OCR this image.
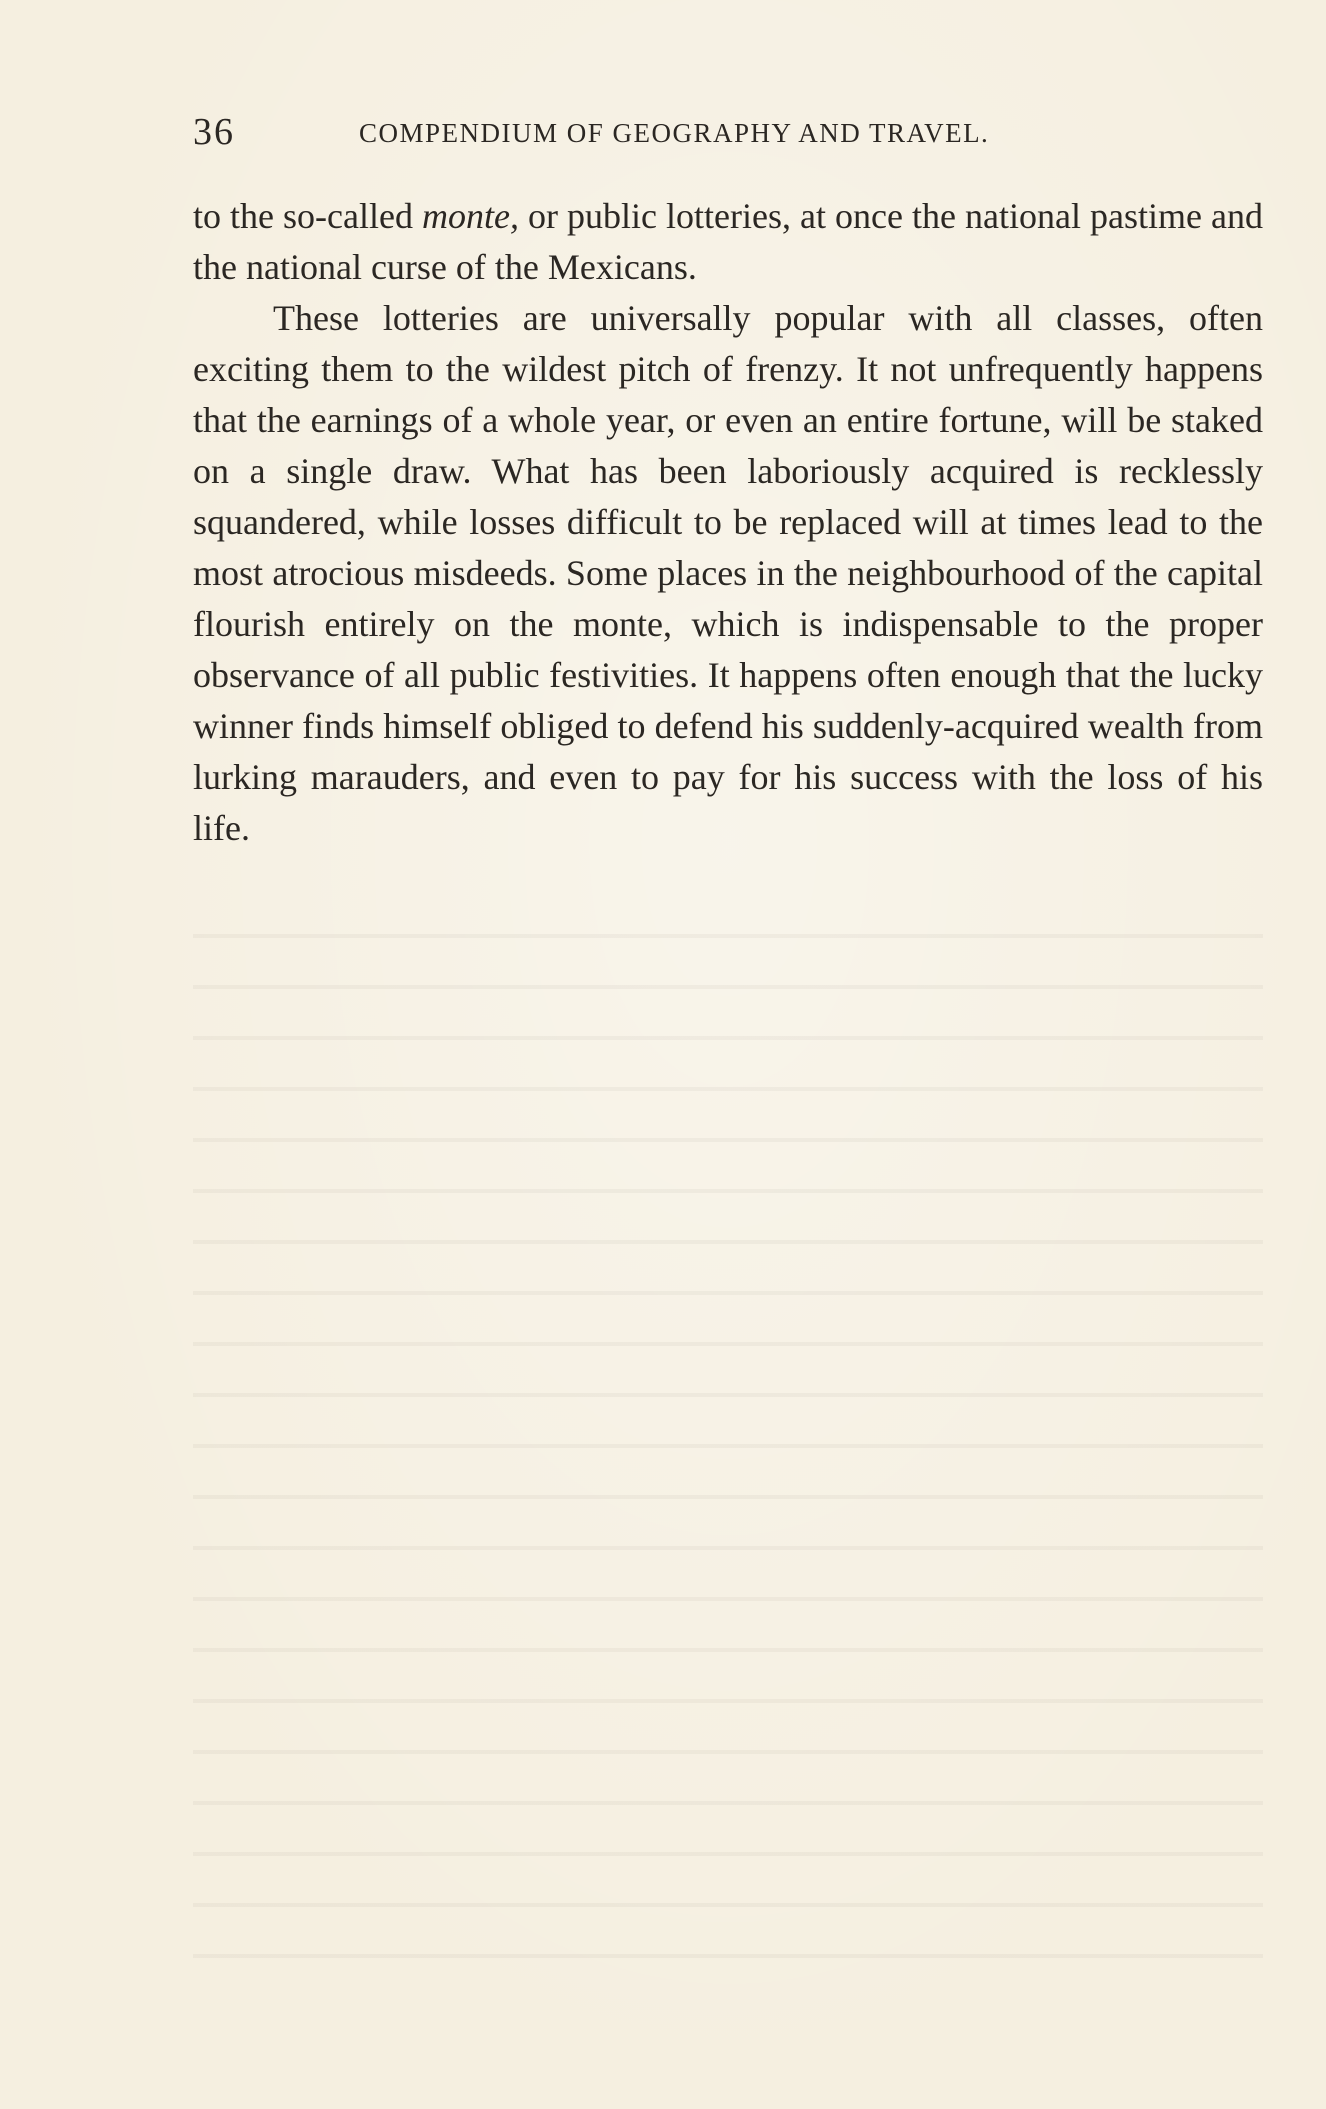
36	COMPENDIUM OF GEOGRAPHY AND TRAVEL.

to the so-called monte, or public lotteries, at once the national pastime and the national curse of the Mexicans.

These lotteries are universally popular with all classes, often exciting them to the wildest pitch of frenzy. It not unfrequently happens that the earnings of a whole year, or even an entire fortune, will be staked on a single draw. What has been laboriously acquired is recklessly squandered, while losses difficult to be replaced will at times lead to the most atrocious misdeeds. Some places in the neighbourhood of the capital flourish entirely on the monte, which is indispensable to the proper observance of all public festivities. It happens often enough that the lucky winner finds himself obliged to defend his suddenly-acquired wealth from lurking marauders, and even to pay for his success with the loss of his life.
